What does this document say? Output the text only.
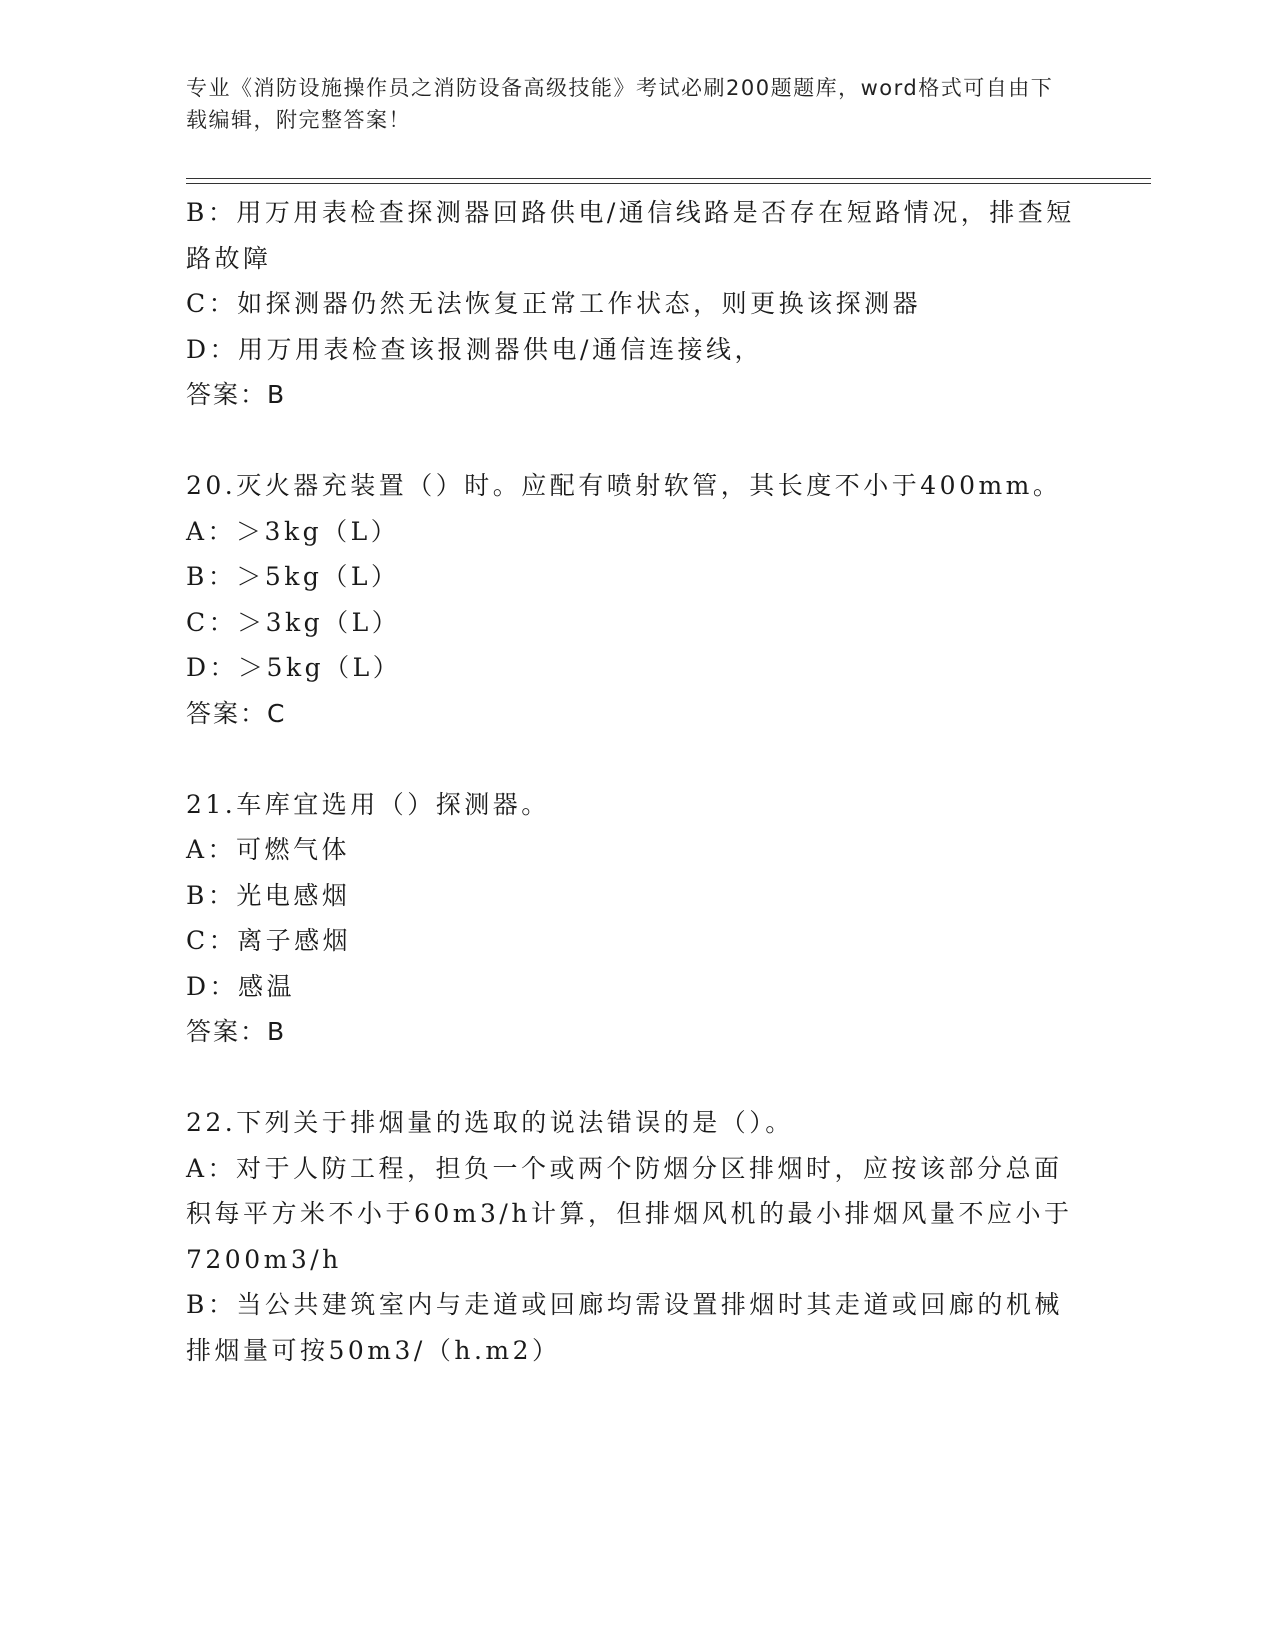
专业《消防设施操作员之消防设备高级技能》考试必刷200题题库，word格式可自由下载编辑，附完整答案！

B：用万用表检查探测器回路供电/通信线路是否存在短路情况，排查短路故障

C：如探测器仍然无法恢复正常工作状态，则更换该探测器

D：用万用表检查该报测器供电/通信连接线，

答案：B

20.灭火器充装置（）时。应配有喷射软管，其长度不小于400mm。

A：＞3kg（L）

B：＞5kg（L）

C：＞3kg（L）

D：＞5kg（L）

答案：C

21.车库宜选用（）探测器。

A：可燃气体

B：光电感烟

C：离子感烟

D：感温

答案：B

22.下列关于排烟量的选取的说法错误的是（）。

A：对于人防工程，担负一个或两个防烟分区排烟时，应按该部分总面积每平方米不小于60m3/h计算，但排烟风机的最小排烟风量不应小于7200m3/h

B：当公共建筑室内与走道或回廊均需设置排烟时其走道或回廊的机械排烟量可按50m3/（h.m2）
